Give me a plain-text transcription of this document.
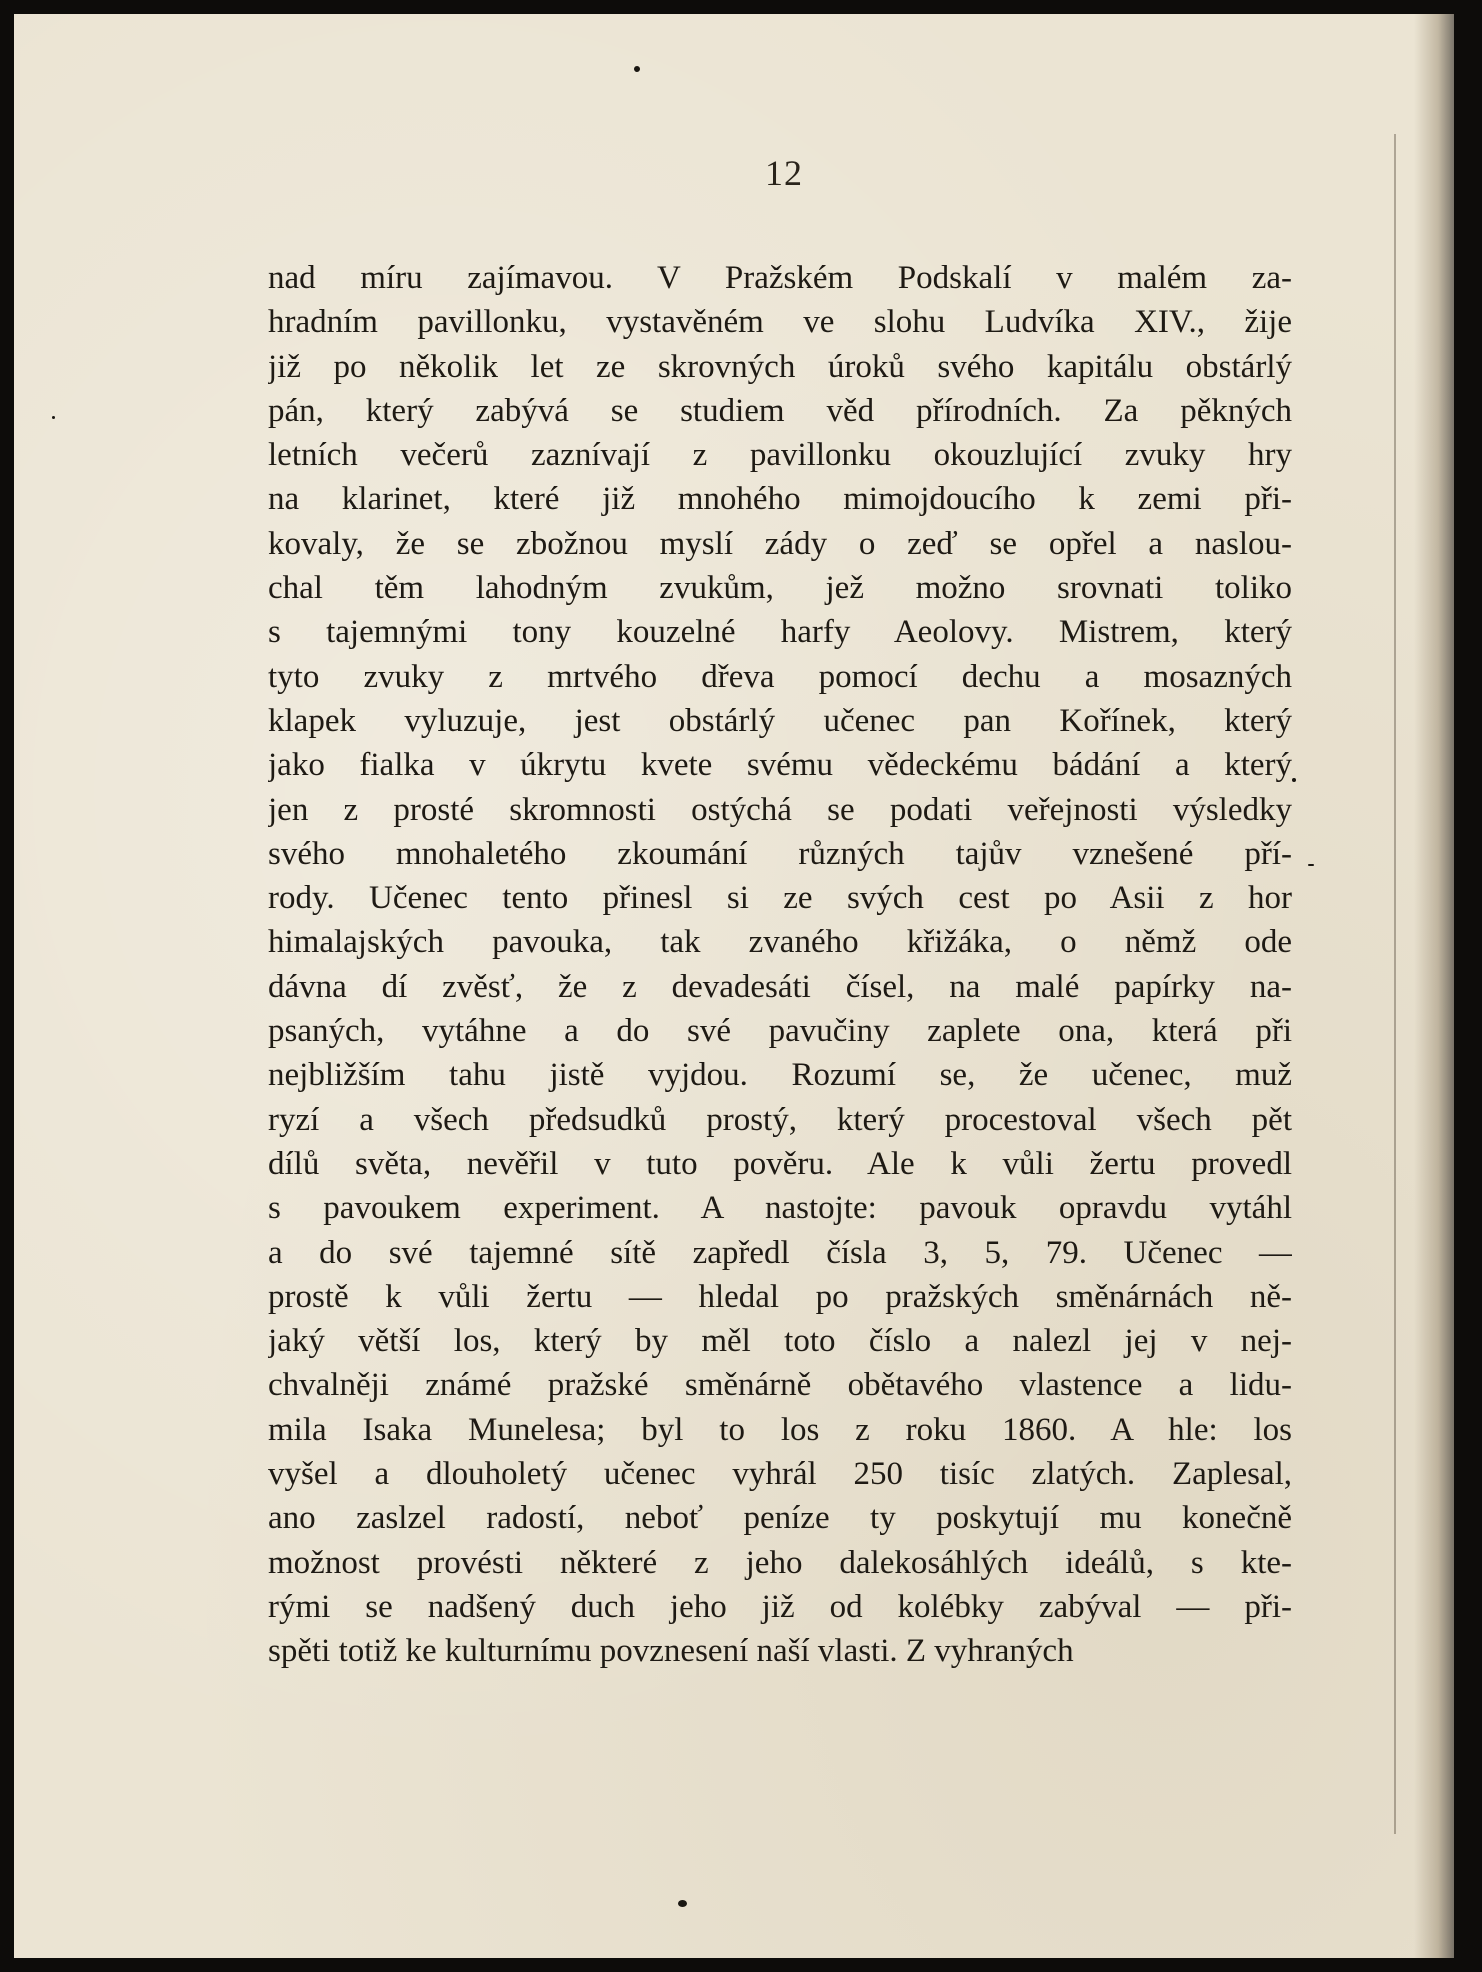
12
nad míru zajímavou. V Pražském Podskalí v malém za-
hradním pavillonku, vystavěném ve slohu Ludvíka XIV., žije
již po několik let ze skrovných úroků svého kapitálu obstárlý
pán, který zabývá se studiem věd přírodních. Za pěkných
letních večerů zaznívají z pavillonku okouzlující zvuky hry
na klarinet, které již mnohého mimojdoucího k zemi při-
kovaly, že se zbožnou myslí zády o zeď se opřel a naslou-
chal těm lahodným zvukům, jež možno srovnati toliko
s tajemnými tony kouzelné harfy Aeolovy. Mistrem, který
tyto zvuky z mrtvého dřeva pomocí dechu a mosazných
klapek vyluzuje, jest obstárlý učenec pan Kořínek, který
jako fialka v úkrytu kvete svému vědeckému bádání a který
jen z prosté skromnosti ostýchá se podati veřejnosti výsledky
svého mnohaletého zkoumání různých tajův vznešené pří-
rody. Učenec tento přinesl si ze svých cest po Asii z hor
himalajských pavouka, tak zvaného křižáka, o němž ode
dávna dí zvěsť, že z devadesáti čísel, na malé papírky na-
psaných, vytáhne a do své pavučiny zaplete ona, která při
nejbližším tahu jistě vyjdou. Rozumí se, že učenec, muž
ryzí a všech předsudků prostý, který procestoval všech pět
dílů světa, nevěřil v tuto pověru. Ale k vůli žertu provedl
s pavoukem experiment. A nastojte: pavouk opravdu vytáhl
a do své tajemné sítě zapředl čísla 3, 5, 79. Učenec —
prostě k vůli žertu — hledal po pražských směnárnách ně-
jaký větší los, který by měl toto číslo a nalezl jej v nej-
chvalněji známé pražské směnárně obětavého vlastence a lidu-
mila Isaka Munelesa; byl to los z roku 1860. A hle: los
vyšel a dlouholetý učenec vyhrál 250 tisíc zlatých. Zaplesal,
ano zaslzel radostí, neboť peníze ty poskytují mu konečně
možnost provésti některé z jeho dalekosáhlých ideálů, s kte-
rými se nadšený duch jeho již od kolébky zabýval — při-
spěti totiž ke kulturnímu povznesení naší vlasti. Z vyhraných
